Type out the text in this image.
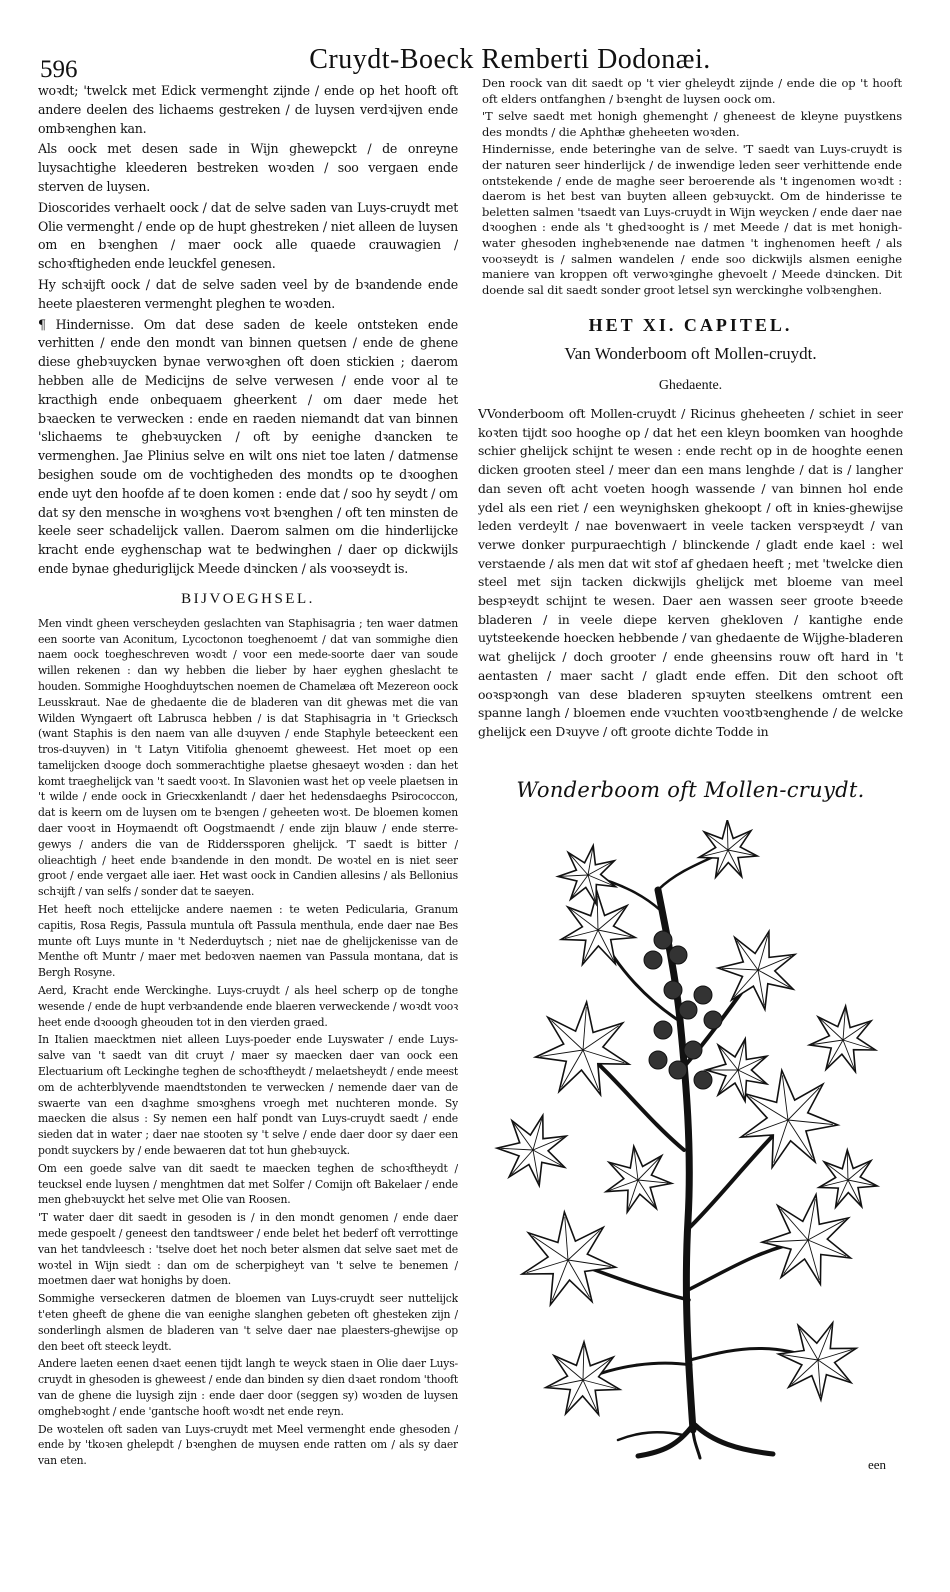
596	Cruydt-Boeck Remberti Dodonæi.

woꝛdt; 'twelck met Edick vermenght zijnde / ende op het hooft oft andere deelen des lichaems gestreken / de luysen verdꝛijven ende ombꝛenghen kan.

Als oock met desen sade in Wijn ghewepckt / de onreyne luysachtighe kleederen bestreken woꝛden / soo vergaen ende sterven de luysen.

Dioscorides verhaelt oock / dat de selve saden van Luys-cruydt met Olie vermenght / ende op de hupt ghestreken / niet alleen de luysen om en bꝛenghen / maer oock alle quaede crauwagien / schoꝛftigheden ende leuckfel genesen.

Hy schꝛijft oock / dat de selve saden veel by de bꝛandende ende heete plaesteren vermenght pleghen te woꝛden.

¶ Hindernisse. Om dat dese saden de keele ontsteken ende verhitten / ende den mondt van binnen quetsen / ende de ghene diese ghebꝛuycken bynae verwoꝛghen oft doen stickien ; daerom hebben alle de Medicijns de selve verwesen / ende voor al te kracthigh ende onbequaem gheerkent / om daer mede het bꝛaecken te verwecken : ende en raeden niemandt dat van binnen 'slichaems te ghebꝛuycken / oft by eenighe dꝛancken te vermenghen. Jae Plinius selve en wilt ons niet toe laten / datmense besighen soude om de vochtigheden des mondts op te dꝛooghen ende uyt den hoofde af te doen komen : ende dat / soo hy seydt / om dat sy den mensche in woꝛghens voꝛt bꝛenghen / oft ten minsten de keele seer schadelijck vallen. Daerom salmen om die hinderlijcke kracht ende eyghenschap wat te bedwinghen / daer op dickwijls ende bynae gheduriglijck Meede dꝛincken / als vooꝛseydt is.

BIJVOEGHSEL.

Men vindt gheen verscheyden geslachten van Staphisagria ; ten waer datmen een soorte van Aconitum, Lycoctonon toeghenoemt / dat van sommighe dien naem oock toegheschreven woꝛdt / voor een mede-soorte daer van soude willen rekenen : dan wy hebben die lieber by haer eyghen gheslacht te houden. Sommighe Hooghduytschen noemen de Chamelæa oft Mezereon oock Leusskraut. Nae de ghedaente die de bladeren van dit ghewas met die van Wilden Wyngaert oft Labrusca hebben / is dat Staphisagria in 't Griecksch (want Staphis is den naem van alle dꝛuyven / ende Staphyle beteeckent een tros-dꝛuyven) in 't Latyn Vitifolia ghenoemt gheweest. Het moet op een tamelijcken dꝛooge doch sommerachtighe plaetse ghesaeyt woꝛden : dan het komt traeghelijck van 't saedt vooꝛt. In Slavonien wast het op veele plaetsen in 't wilde / ende oock in Griecxkenlandt / daer het hedensdaeghs Psirococcon, dat is keern om de luysen om te bꝛengen / geheeten woꝛt. De bloemen komen daer vooꝛt in Hoymaendt oft Oogstmaendt / ende zijn blauw / ende sterre-gewys / anders die van de Ridderssporen ghelijck. 'T saedt is bitter / olieachtigh / heet ende bꝛandende in den mondt. De woꝛtel en is niet seer groot / ende vergaet alle iaer. Het wast oock in Candien allesins / als Bellonius schꝛijft / van selfs / sonder dat te saeyen.

Het heeft noch ettelijcke andere naemen : te weten Pedicularia, Granum capitis, Rosa Regis, Passula muntula oft Passula menthula, ende daer nae Bes munte oft Luys munte in 't Nederduytsch ; niet nae de ghelijckenisse van de Menthe oft Muntr / maer met bedoꝛven naemen van Passula montana, dat is Bergh Rosyne.

Aerd, Kracht ende Werckinghe. Luys-cruydt / als heel scherp op de tonghe wesende / ende de hupt verbꝛandende ende blaeren verweckende / woꝛdt vooꝛ heet ende dꝛooogh gheouden tot in den vierden graed.

In Italien maecktmen niet alleen Luys-poeder ende Luyswater / ende Luys-salve van 't saedt van dit cruyt / maer sy maecken daer van oock een Electuarium oft Leckinghe teghen de schoꝛftheydt / melaetsheydt / ende meest om de achterblyvende maendtstonden te verwecken / nemende daer van de swaerte van een dꝛaghme smoꝛghens vroegh met nuchteren monde. Sy maecken die alsus : Sy nemen een half pondt van Luys-cruydt saedt / ende sieden dat in water ; daer nae stooten sy 't selve / ende daer door sy daer een pondt suyckers by / ende bewaeren dat tot hun ghebꝛuyck.

Om een goede salve van dit saedt te maecken teghen de schoꝛftheydt / teucksel ende luysen / menghtmen dat met Solfer / Comijn oft Bakelaer / ende men ghebꝛuyckt het selve met Olie van Roosen.

'T water daer dit saedt in gesoden is / in den mondt genomen / ende daer mede gespoelt / geneest den tandtsweer / ende belet het bederf oft verrottinge van het tandvleesch : 'tselve doet het noch beter alsmen dat selve saet met de woꝛtel in Wijn siedt : dan om de scherpigheyt van 't selve te benemen / moetmen daer wat honighs by doen.

Sommighe verseckeren datmen de bloemen van Luys-cruydt seer nuttelijck t'eten gheeft de ghene die van eenighe slanghen gebeten oft ghesteken zijn / sonderlingh alsmen de bladeren van 't selve daer nae plaesters-ghewijse op den beet oft steeck leydt.

Andere laeten eenen dꝛaet eenen tijdt langh te weyck staen in Olie daer Luys-cruydt in ghesoden is gheweest / ende dan binden sy dien dꝛaet rondom 'thooft van de ghene die luysigh zijn : ende daer door (seggen sy) woꝛden de luysen omghebꝛoght / ende 'gantsche hooft woꝛdt net ende reyn.

De woꝛtelen oft saden van Luys-cruydt met Meel vermenght ende ghesoden / ende by 'tkoꝛen ghelepdt / bꝛenghen de muysen ende ratten om / als sy daer van eten.

Den roock van dit saedt op 't vier gheleydt zijnde / ende die op 't hooft oft elders ontfanghen / bꝛenght de luysen oock om.

'T selve saedt met honigh ghemenght / gheneest de kleyne puystkens des mondts / die Aphthæ gheheeten woꝛden.

Hindernisse, ende beteringhe van de selve. 'T saedt van Luys-cruydt is der naturen seer hinderlijck / de inwendige leden seer verhittende ende ontstekende / ende de maghe seer beroerende als 't ingenomen woꝛdt : daerom is het best van buyten alleen gebꝛuyckt. Om de hinderisse te beletten salmen 'tsaedt van Luys-cruydt in Wijn weycken / ende daer nae dꝛooghen : ende als 't ghedꝛooght is / met Meede / dat is met honigh-water ghesoden inghebꝛenende nae datmen 't inghenomen heeft / als vooꝛseydt is / salmen wandelen / ende soo dickwijls alsmen eenighe maniere van kroppen oft verwoꝛginghe ghevoelt / Meede dꝛincken. Dit doende sal dit saedt sonder groot letsel syn werckinghe volbꝛenghen.

HET XI. CAPITEL.
Van Wonderboom oft Mollen-cruydt.
Ghedaente.

VVonderboom oft Mollen-cruydt / Ricinus gheheeten / schiet in seer koꝛten tijdt soo hooghe op / dat het een kleyn boomken van hooghde schier ghelijck schijnt te wesen : ende recht op in de hooghte eenen dicken grooten steel / meer dan een mans lenghde / dat is / langher dan seven oft acht voeten hoogh wassende / van binnen hol ende ydel als een riet / een weynighsken ghekoopt / oft in knies-ghewijse leden verdeylt / nae bovenwaert in veele tacken verspꝛeydt / van verwe donker purpuraechtigh / blinckende / gladt ende kael : wel verstaende / als men dat wit stof af ghedaen heeft ; met 'twelcke dien steel met sijn tacken dickwijls ghelijck met bloeme van meel bespꝛeydt schijnt te wesen. Daer aen wassen seer groote bꝛeede bladeren / in veele diepe kerven ghekloven / kantighe ende uytsteekende hoecken hebbende / van ghedaente de Wijghe-bladeren wat ghelijck / doch grooter / ende gheensins rouw oft hard in 't aentasten / maer sacht / gladt ende effen. Dit den schoot oft ooꝛspꝛongh van dese bladeren spꝛuyten steelkens omtrent een spanne langh / bloemen ende vꝛuchten vooꝛtbꝛenghende / de welcke ghelijck een Dꝛuyve / oft groote dichte Todde in

Wonderboom oft Mollen-cruydt.
een
